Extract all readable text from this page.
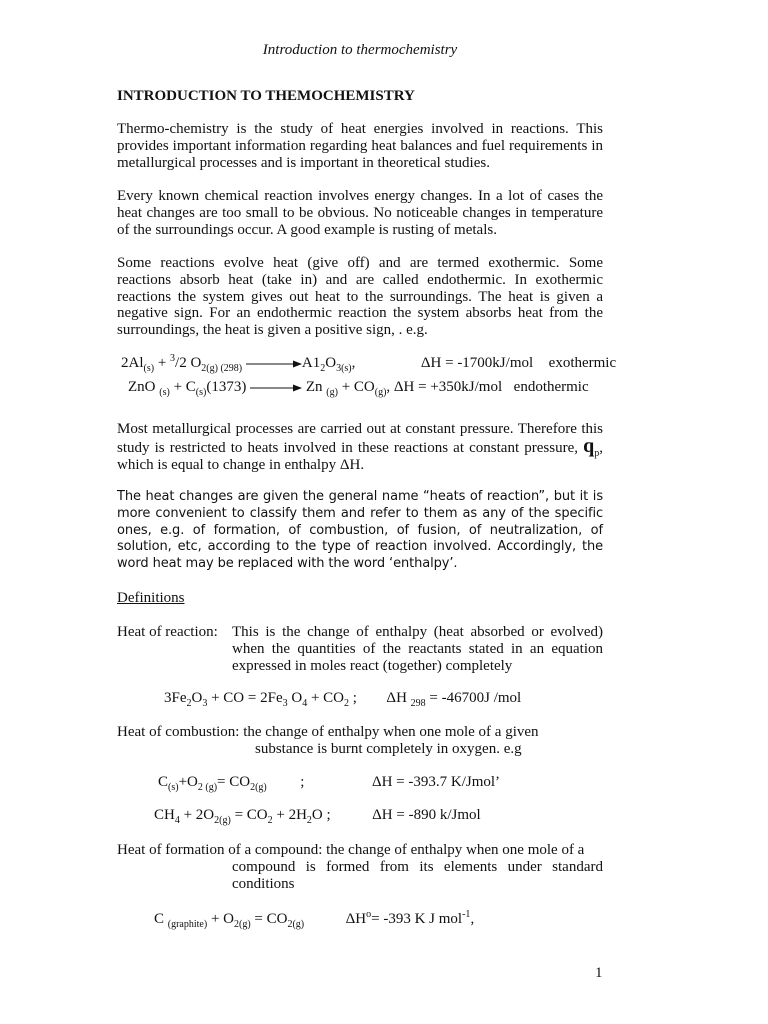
Introduction to thermochemistry
INTRODUCTION TO THEMOCHEMISTRY
Thermo-chemistry is the study of heat energies involved in reactions. This provides important information regarding heat balances and fuel requirements in metallurgical processes and is important in theoretical studies.
Every known chemical reaction involves energy changes. In a lot of cases the heat changes are too small to be obvious. No noticeable changes in temperature of the surroundings occur. A good example is rusting of metals.
Some reactions evolve heat (give off) and are termed exothermic. Some reactions absorb heat (take in) and are called endothermic. In exothermic reactions the system gives out heat to the surroundings. The heat is given a negative sign. For an endothermic reaction the system absorbs heat from the surroundings, the heat is given a positive sign, . e.g.
$2Al_{(s)} + ^3/2$ $O_{2(g) (298)} \to A1_2O_{3(s)}$,	ΔH = -1700kJ/mol exothermic
ZnO $_{(s)} + C_{(s)}(1373) \to Zn$ $_{(g)} + CO_{(g)}$, ΔH = +350kJ/mol endothermic
Most metallurgical processes are carried out at constant pressure. Therefore this study is restricted to heats involved in these reactions at constant pressure, $q_p$, which is equal to change in enthalpy ΔH.
The heat changes are given the general name “heats of reaction”, but it is more convenient to classify them and refer to them as any of the specific ones, e.g. of formation, of combustion, of fusion, of neutralization, of solution, etc, according to the type of reaction involved. Accordingly, the word heat may be replaced with the word ‘enthalpy’.
Definitions
Heat of reaction: This is the change of enthalpy (heat absorbed or evolved) when the quantities of the reactants stated in an equation expressed in moles react (together) completely
$3Fe_2O_3$ + CO = $2Fe_3$ $O_4 + CO_2$ ; ΔH $_{298}$ = -46700J /mol
Heat of combustion: the change of enthalpy when one mole of a given
substance is burnt completely in oxygen. e.g
$C_{(s)}+O_{2 (g)}= CO_{2(g)}$ ;	ΔH = -393.7 K/Jmol’
$CH_4 + 2O_{2(g)} = CO_2 + 2H_2O$ ;	ΔH = -890 k/Jmol
Heat of formation of a compound: the change of enthalpy when one mole of a
compound is formed from its elements under standard conditions
C $_{(graphite)} + O_{2(g)} = CO_{2(g)}$	$\Delta H^o= -393$ K J mol$^{-1}$,
1
